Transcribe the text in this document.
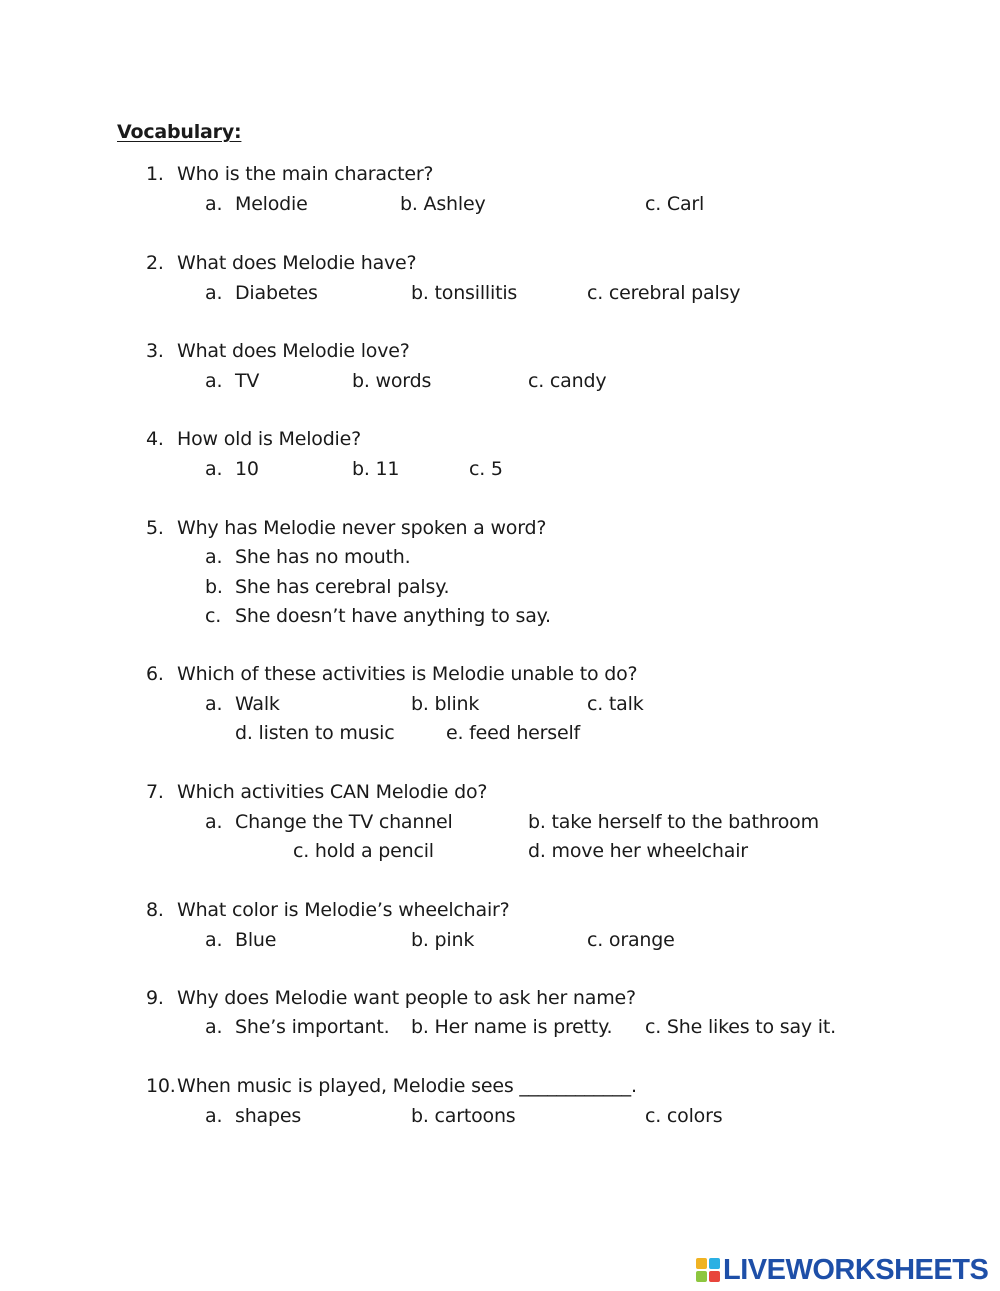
Vocabulary:
1. Who is the main character?
a. Melodie	b. Ashley	c. Carl
2. What does Melodie have?
a. Diabetes	b. tonsillitis	c. cerebral palsy
3. What does Melodie love?
a. TV	b. words	c. candy
4. How old is Melodie?
a. 10	b. 11	c. 5
5. Why has Melodie never spoken a word?
a. She has no mouth.
b. She has cerebral palsy.
c. She doesn’t have anything to say.
6. Which of these activities is Melodie unable to do?
a. Walk	b. blink	c. talk
d. listen to music	e. feed herself
7. Which activities CAN Melodie do?
a. Change the TV channel	b. take herself to the bathroom
c. hold a pencil	d. move her wheelchair
8. What color is Melodie’s wheelchair?
a. Blue	b. pink	c. orange
9. Why does Melodie want people to ask her name?
a. She’s important. b. Her name is pretty. c. She likes to say it.
10. When music is played, Melodie sees ____________.
a. shapes	b. cartoons	c. colors
LIVEWORKSHEETS
